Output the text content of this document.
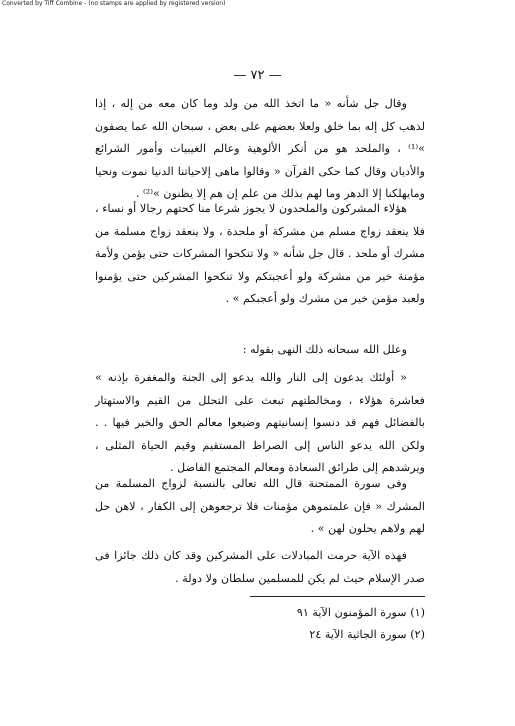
Converted by Tiff Combine - (no stamps are applied by registered version)
— ٧٢ —

وقال جل شأنه « ما اتخذ الله من ولد وما كان معه من إله ، إذا لذهب كل إله بما خلق ولعلا بعضهم على بعض ، سبحان الله عما يصفون »⁽¹⁾ ، والملحد هو من أنكر الألوهية وعالم الغيبيات وأمور الشرائع والأديان وقال كما حكى القرآن « وقالوا ماهى إلاحياتنا الدنيا نموت ونحيا ومايهلكنا إلا الدهر وما لهم بذلك من علم إن هم إلا يظنون »⁽²⁾ .

هؤلاء المشركون والملحدون لا يجوز شرعا منا كحتهم رجالا أو نساء ، فلا ينعقد زواج مسلم من مشركة أو ملحدة ، ولا ينعقد زواج مسلمة من مشرك أو ملحد . قال جل شأنه « ولا تنكحوا المشركات حتى يؤمن ولأمة مؤمنة خير من مشركة ولو أعجبتكم ولا تنكحوا المشركين حتى يؤمنوا ولعبد مؤمن خير من مشرك ولو أعجبكم » .

وعلل الله سبحانه ذلك النهى بقوله :

« أولئك يدعون إلى النار والله يدعو إلى الجنة والمغفرة بإذنه » فعاشرة هؤلاء ، ومخالطتهم تبعث على التحلل من القيم والاستهتار بالفضائل فهم قد دنسوا إنسانيتهم وضيعوا معالم الحق والخير فيها . . ولكن الله يدعو الناس إلى الصراط المستقيم وقيم الحياة المثلى ، ويرشدهم إلى طرائق السعادة ومعالم المجتمع الفاضل .

وفى سورة الممتحنة قال الله تعالى بالنسبة لزواج المسلمة من المشرك « فإن علمتموهن مؤمنات فلا ترجعوهن إلى الكفار ، لاهن حل لهم ولاهم يحلون لهن » .

فهذه الآية حرمت المبادلات على المشركين وقد كان ذلك جائزا فى صدر الإسلام حيث لم يكن للمسلمين سلطان ولا دولة .

(١) سورة المؤمنون الآية ٩١
(٢) سورة الجاثية الآية ٢٤
